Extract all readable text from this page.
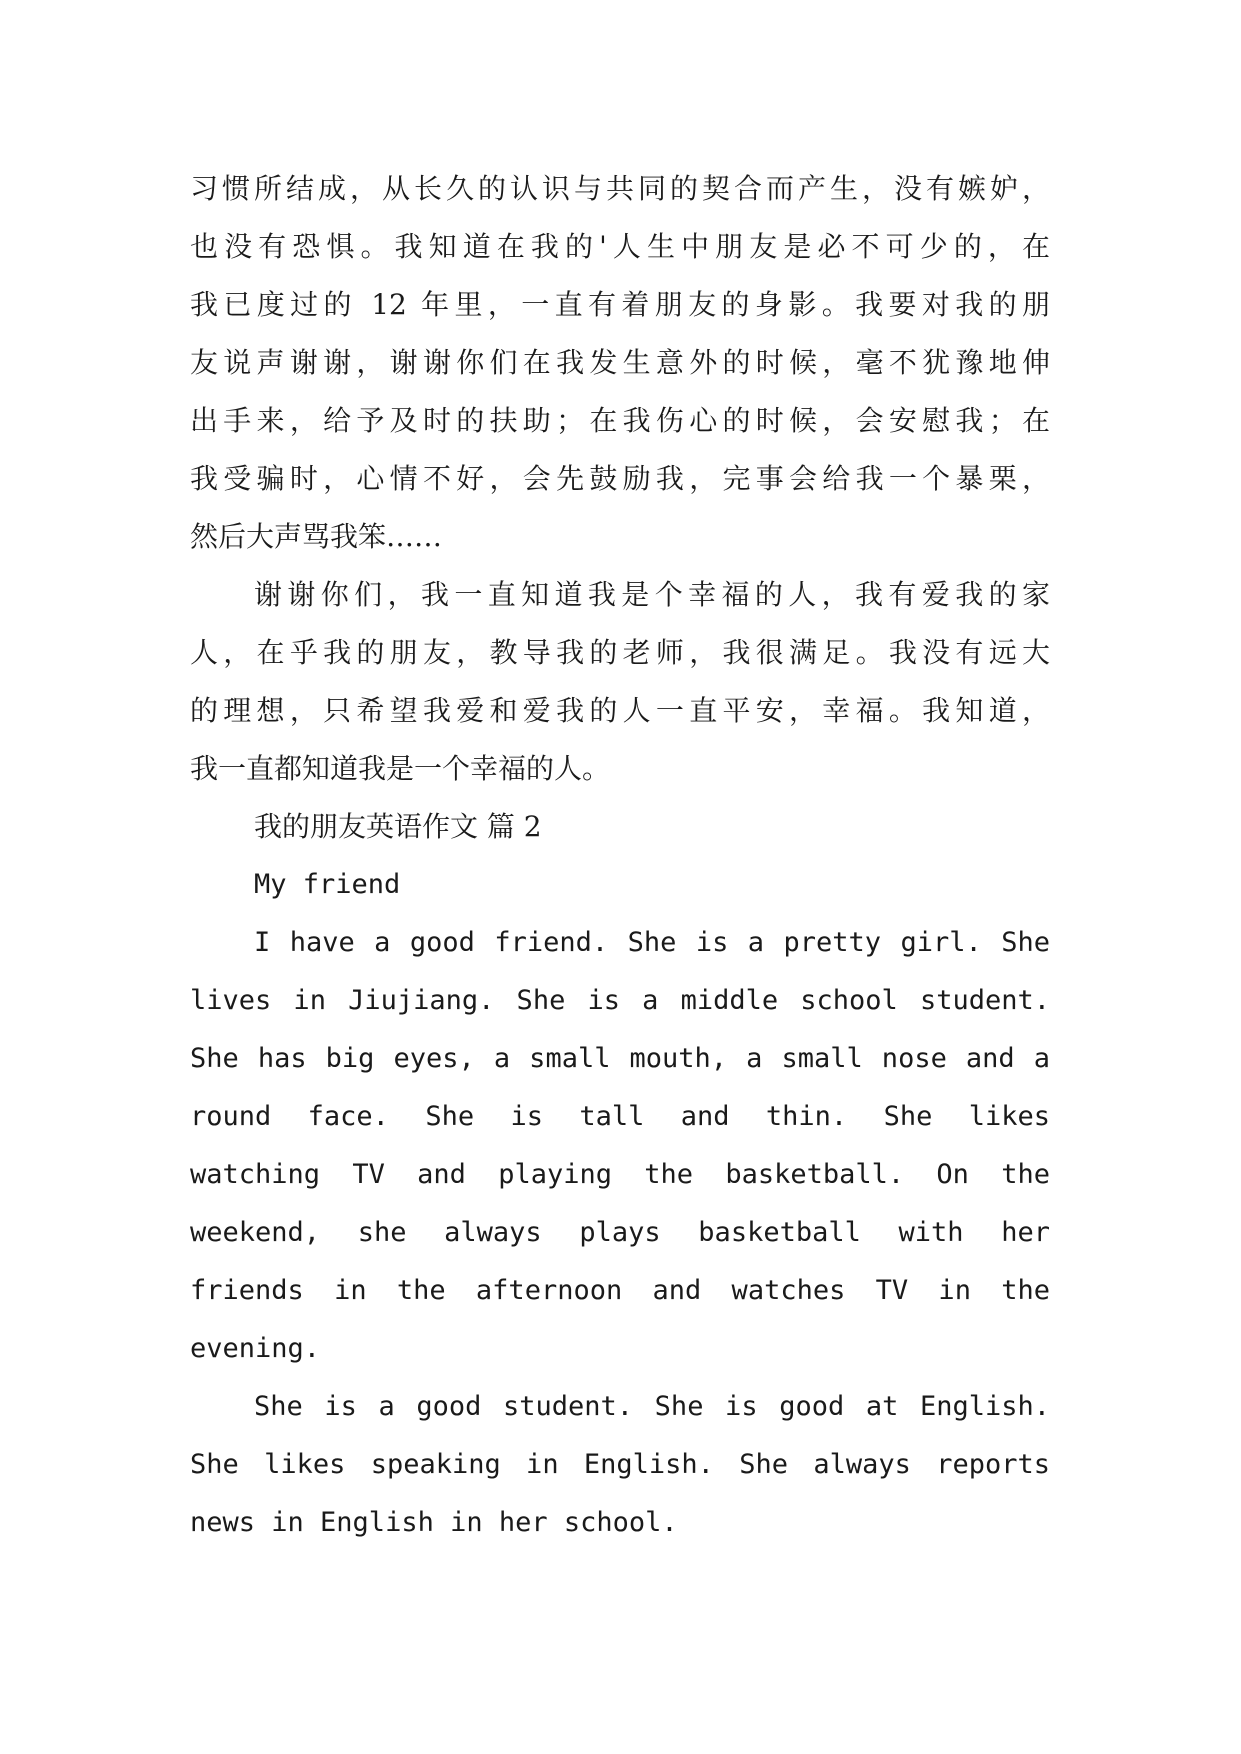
习惯所结成，从长久的认识与共同的契合而产生，没有嫉妒，
也没有恐惧。我知道在我的'人生中朋友是必不可少的，在
我已度过的 12 年里，一直有着朋友的身影。我要对我的朋
友说声谢谢，谢谢你们在我发生意外的时候，毫不犹豫地伸
出手来，给予及时的扶助；在我伤心的时候，会安慰我；在
我受骗时，心情不好，会先鼓励我，完事会给我一个暴栗，
然后大声骂我笨……
谢谢你们，我一直知道我是个幸福的人，我有爱我的家
人，在乎我的朋友，教导我的老师，我很满足。我没有远大
的理想，只希望我爱和爱我的人一直平安，幸福。我知道，
我一直都知道我是一个幸福的人。
我的朋友英语作文 篇 2
My friend
I have a good friend. She is a pretty girl. She
lives in Jiujiang. She is a middle school student.
She has big eyes, a small mouth, a small nose and a
round face. She is tall and thin. She likes
watching TV and playing the basketball. On the
weekend, she always plays basketball with her
friends in the afternoon and watches TV in the
evening.
She is a good student. She is good at English.
She likes speaking in English. She always reports
news in English in her school.
